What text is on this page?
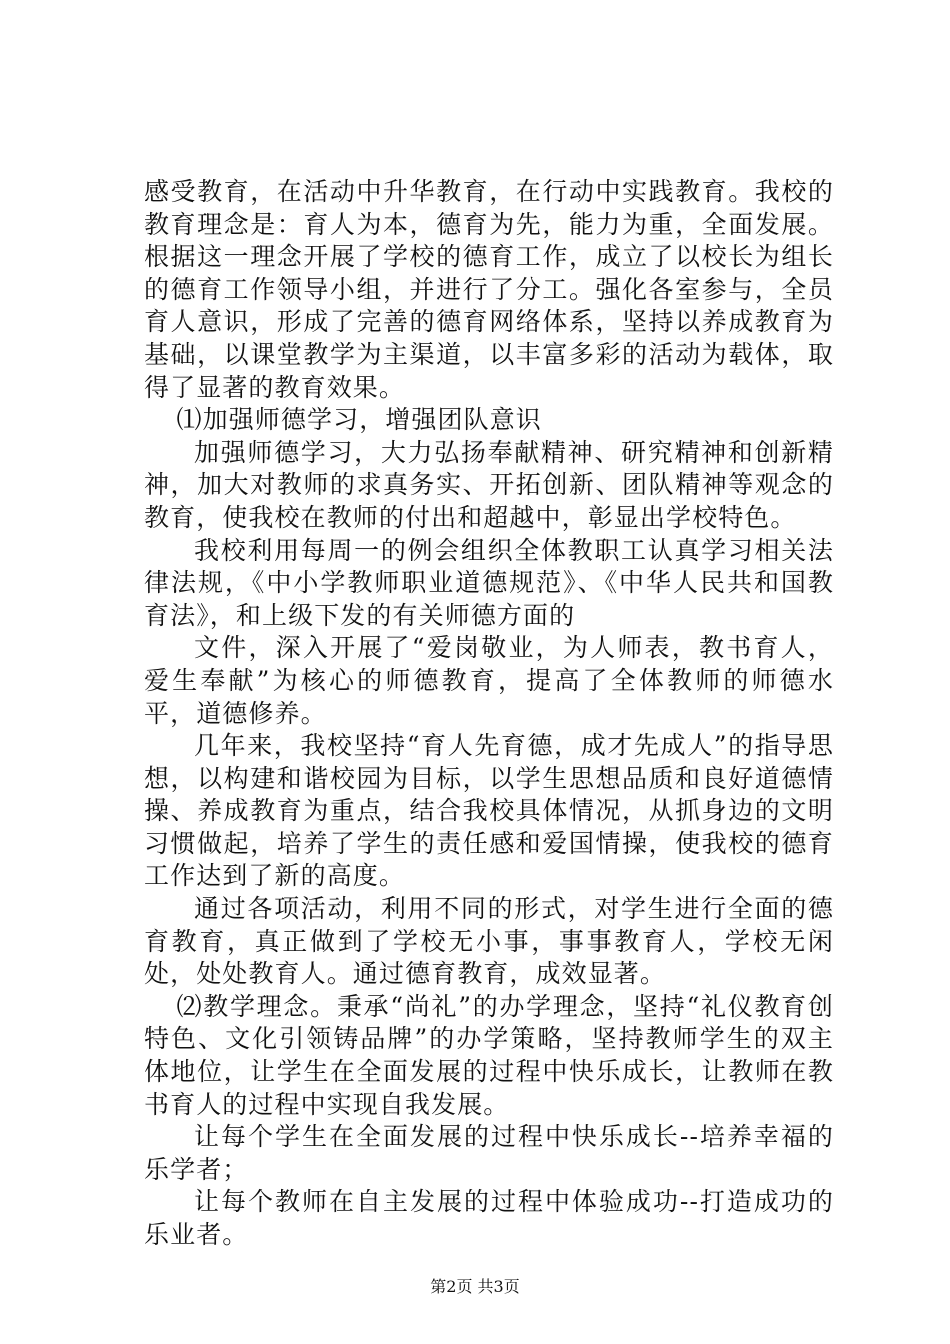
感受教育，在活动中升华教育，在行动中实践教育。我校的教育理念是：育人为本，德育为先，能力为重，全面发展。根据这一理念开展了学校的德育工作，成立了以校长为组长的德育工作领导小组，并进行了分工。强化各室参与，全员育人意识，形成了完善的德育网络体系，坚持以养成教育为基础，以课堂教学为主渠道，以丰富多彩的活动为载体，取得了显著的教育效果。

⑴加强师德学习，增强团队意识

加强师德学习，大力弘扬奉献精神、研究精神和创新精神，加大对教师的求真务实、开拓创新、团队精神等观念的教育，使我校在教师的付出和超越中，彰显出学校特色。

我校利用每周一的例会组织全体教职工认真学习相关法律法规，《中小学教师职业道德规范》、《中华人民共和国教育法》，和上级下发的有关师德方面的

文件，深入开展了“爱岗敬业，为人师表，教书育人，爱生奉献”为核心的师德教育，提高了全体教师的师德水平，道德修养。

几年来，我校坚持“育人先育德，成才先成人”的指导思想，以构建和谐校园为目标，以学生思想品质和良好道德情操、养成教育为重点，结合我校具体情况，从抓身边的文明习惯做起，培养了学生的责任感和爱国情操，使我校的德育工作达到了新的高度。

通过各项活动，利用不同的形式，对学生进行全面的德育教育，真正做到了学校无小事，事事教育人，学校无闲处，处处教育人。通过德育教育，成效显著。

⑵教学理念。秉承“尚礼”的办学理念，坚持“礼仪教育创特色、文化引领铸品牌”的办学策略，坚持教师学生的双主体地位，让学生在全面发展的过程中快乐成长，让教师在教书育人的过程中实现自我发展。

让每个学生在全面发展的过程中快乐成长--培养幸福的乐学者；

让每个教师在自主发展的过程中体验成功--打造成功的乐业者。

第2页 共3页
